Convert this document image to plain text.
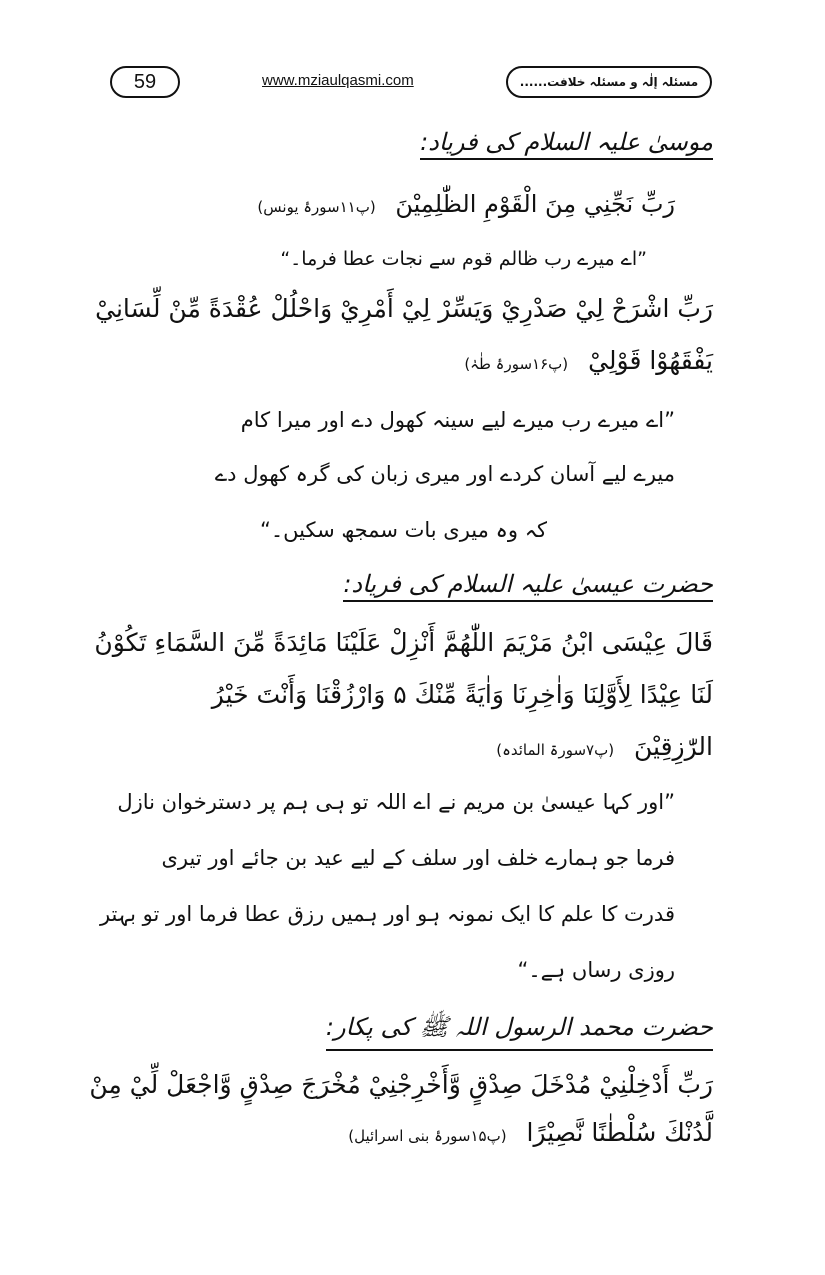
59	www.mziaulqasmi.com	مسئلہ إلٰہ و مسئلہ خلافت......
موسیٰ علیہ السلام کی فریاد:
رَبِّ نَجِّنِي مِنَ الْقَوْمِ الظّٰلِمِيْنَ (پ۱۱سورۂ یونس)
”اے میرے رب ظالم قوم سے نجات عطا فرما۔“
رَبِّ اشْرَحْ لِيْ صَدْرِيْ وَيَسِّرْ لِيْ أَمْرِيْ وَاحْلُلْ عُقْدَةً مِّنْ لِّسَانِيْ
يَفْقَهُوْا قَوْلِيْ (پ۱۶سورۂ طٰہٰ)
”اے میرے رب میرے لیے سینہ کھول دے اور میرا کام
میرے لیے آسان کردے اور میری زبان کی گرہ کھول دے
کہ وہ میری بات سمجھ سکیں۔“
حضرت عیسیٰ علیہ السلام کی فریاد:
قَالَ عِيْسَى ابْنُ مَرْيَمَ اللّٰهُمَّ أَنْزِلْ عَلَيْنَا مَائِدَةً مِّنَ السَّمَاءِ تَكُوْنُ
لَنَا عِيْدًا لِأَوَّلِنَا وَاٰخِرِنَا وَاٰيَةً مِّنْكَ ۵ وَارْزُقْنَا وَأَنْتَ خَيْرُ
الرّٰزِقِيْنَ (پ۷سورۃ المائدہ)
”اور کہا عیسیٰ بن مریم نے اے اللہ تو ہی ہم پر دسترخوان نازل
فرما جو ہمارے خلف اور سلف کے لیے عید بن جائے اور تیری
قدرت کا علم کا ایک نمونہ ہو اور ہمیں رزق عطا فرما اور تو بہتر
روزی رساں ہے۔“
حضرت محمد الرسول اللہ ﷺ کی پکار:
رَبِّ أَدْخِلْنِيْ مُدْخَلَ صِدْقٍ وَّأَخْرِجْنِيْ مُخْرَجَ صِدْقٍ وَّاجْعَلْ لِّيْ مِنْ
لَّدُنْكَ سُلْطٰنًا نَّصِيْرًا (پ۱۵سورۂ بنی اسرائیل)
